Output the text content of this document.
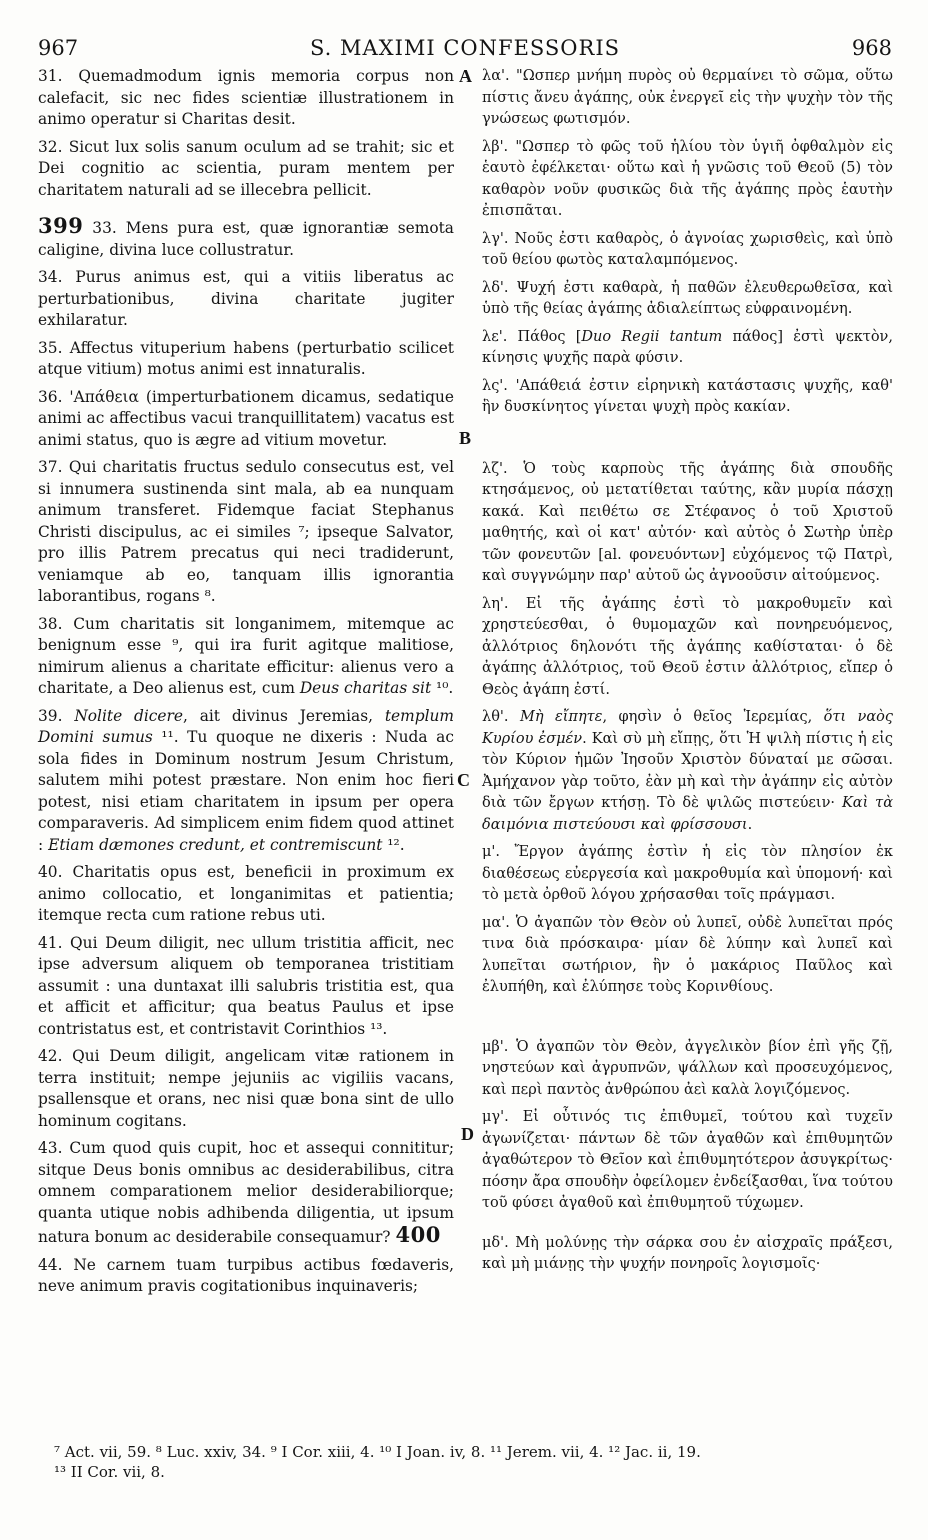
967	S. MAXIMI CONFESSORIS	968
A
B
C
D

31. Quemadmodum ignis memoria corpus non calefacit, sic nec fides scientiæ illustrationem in animo operatur si Charitas desit.

32. Sicut lux solis sanum oculum ad se trahit; sic et Dei cognitio ac scientia, puram mentem per charitatem naturali ad se illecebra pellicit.

399 33. Mens pura est, quæ ignorantiæ semota caligine, divina luce collustratur.

34. Purus animus est, qui a vitiis liberatus ac perturbationibus, divina charitate jugiter exhilaratur.

35. Affectus vituperium habens (perturbatio scilicet atque vitium) motus animi est innaturalis.

36. 'Απάθεια (imperturbationem dicamus, sedatique animi ac affectibus vacui tranquillitatem) vacatus est animi status, quo is ægre ad vitium movetur.

37. Qui charitatis fructus sedulo consecutus est, vel si innumera sustinenda sint mala, ab ea nunquam animum transferet. Fidemque faciat Stephanus Christi discipulus, ac ei similes ⁷; ipseque Salvator, pro illis Patrem precatus qui neci tradiderunt, veniamque ab eo, tanquam illis ignorantia laborantibus, rogans ⁸.

38. Cum charitatis sit longanimem, mitemque ac benignum esse ⁹, qui ira furit agitque malitiose, nimirum alienus a charitate efficitur: alienus vero a charitate, a Deo alienus est, cum Deus charitas sit ¹⁰.

39. Nolite dicere, ait divinus Jeremias, templum Domini sumus ¹¹. Tu quoque ne dixeris : Nuda ac sola fides in Dominum nostrum Jesum Christum, salutem mihi potest præstare. Non enim hoc fieri potest, nisi etiam charitatem in ipsum per opera comparaveris. Ad simplicem enim fidem quod attinet : Etiam dæmones credunt, et contremiscunt ¹².

40. Charitatis opus est, beneficii in proximum ex animo collocatio, et longanimitas et patientia; itemque recta cum ratione rebus uti.

41. Qui Deum diligit, nec ullum tristitia afficit, nec ipse adversum aliquem ob temporanea tristitiam assumit : una duntaxat illi salubris tristitia est, qua et afficit et afficitur; qua beatus Paulus et ipse contristatus est, et contristavit Corinthios ¹³.

42. Qui Deum diligit, angelicam vitæ rationem in terra instituit; nempe jejuniis ac vigiliis vacans, psallensque et orans, nec nisi quæ bona sint de ullo hominum cogitans.

43. Cum quod quis cupit, hoc et assequi connititur; sitque Deus bonis omnibus ac desiderabilibus, citra omnem comparationem melior desiderabiliorque; quanta utique nobis adhibenda diligentia, ut ipsum natura bonum ac desiderabile consequamur? 400

44. Ne carnem tuam turpibus actibus fœdaveris, neve animum pravis cogitationibus inquinaveris;

λα'. "Ωσπερ μνήμη πυρὸς οὐ θερμαίνει τὸ σῶμα, οὕτω πίστις ἄνευ ἀγάπης, οὐκ ἐνεργεῖ εἰς τὴν ψυχὴν τὸν τῆς γνώσεως φωτισμόν.

λβ'. "Ωσπερ τὸ φῶς τοῦ ἡλίου τὸν ὑγιῆ ὀφθαλμὸν εἰς ἑαυτὸ ἐφέλκεται· οὕτω καὶ ἡ γνῶσις τοῦ Θεοῦ (5) τὸν καθαρὸν νοῦν φυσικῶς διὰ τῆς ἀγάπης πρὸς ἑαυτὴν ἐπισπᾶται.

λγ'. Νοῦς ἐστι καθαρὸς, ὁ ἀγνοίας χωρισθεὶς, καὶ ὑπὸ τοῦ θείου φωτὸς καταλαμπόμενος.

λδ'. Ψυχή ἐστι καθαρὰ, ἡ παθῶν ἐλευθερωθεῖσα, καὶ ὑπὸ τῆς θείας ἀγάπης ἀδιαλείπτως εὐφραινομένη.

λε'. Πάθος [Duo Regii tantum πάθος] ἐστὶ ψεκτὸν, κίνησις ψυχῆς παρὰ φύσιν.

λς'. 'Απάθειά ἐστιν εἰρηνικὴ κατάστασις ψυχῆς, καθ' ἣν δυσκίνητος γίνεται ψυχὴ πρὸς κακίαν.

λζ'. Ὁ τοὺς καρποὺς τῆς ἀγάπης διὰ σπουδῆς κτησάμενος, οὐ μετατίθεται ταύτης, κἂν μυρία πάσχῃ κακά. Καὶ πειθέτω σε Στέφανος ὁ τοῦ Χριστοῦ μαθητής, καὶ οἱ κατ' αὐτόν· καὶ αὐτὸς ὁ Σωτὴρ ὑπὲρ τῶν φονευτῶν [al. φονευόντων] εὐχόμενος τῷ Πατρὶ, καὶ συγγνώμην παρ' αὐτοῦ ὡς ἀγνοοῦσιν αἰτούμενος.

λη'. Εἰ τῆς ἀγάπης ἐστὶ τὸ μακροθυμεῖν καὶ χρηστεύεσθαι, ὁ θυμομαχῶν καὶ πονηρευόμενος, ἀλλότριος δηλονότι τῆς ἀγάπης καθίσταται· ὁ δὲ ἀγάπης ἀλλότριος, τοῦ Θεοῦ ἐστιν ἀλλότριος, εἴπερ ὁ Θεὸς ἀγάπη ἐστί.

λθ'. Μὴ εἴπητε, φησὶν ὁ θεῖος Ἱερεμίας, ὅτι ναὸς Κυρίου ἐσμέν. Καὶ σὺ μὴ εἴπῃς, ὅτι Ἡ ψιλὴ πίστις ἡ εἰς τὸν Κύριον ἡμῶν Ἰησοῦν Χριστὸν δύναταί με σῶσαι. Ἀμήχανον γὰρ τοῦτο, ἐὰν μὴ καὶ τὴν ἀγάπην εἰς αὐτὸν διὰ τῶν ἔργων κτήσῃ. Τὸ δὲ ψιλῶς πιστεύειν· Καὶ τὰ δαιμόνια πιστεύουσι καὶ φρίσσουσι.

μ'. Ἔργον ἀγάπης ἐστὶν ἡ εἰς τὸν πλησίον ἐκ διαθέσεως εὐεργεσία καὶ μακροθυμία καὶ ὑπομονή· καὶ τὸ μετὰ ὀρθοῦ λόγου χρήσασθαι τοῖς πράγμασι.

μα'. Ὁ ἀγαπῶν τὸν Θεὸν οὐ λυπεῖ, οὐδὲ λυπεῖται πρός τινα διὰ πρόσκαιρα· μίαν δὲ λύπην καὶ λυπεῖ καὶ λυπεῖται σωτήριον, ἣν ὁ μακάριος Παῦλος καὶ ἐλυπήθη, καὶ ἐλύπησε τοὺς Κορινθίους.

μβ'. Ὁ ἀγαπῶν τὸν Θεὸν, ἀγγελικὸν βίον ἐπὶ γῆς ζῇ, νηστεύων καὶ ἀγρυπνῶν, ψάλλων καὶ προσευχόμενος, καὶ περὶ παντὸς ἀνθρώπου ἀεὶ καλὰ λογιζόμενος.

μγ'. Εἰ οὗτινός τις ἐπιθυμεῖ, τούτου καὶ τυχεῖν ἀγωνίζεται· πάντων δὲ τῶν ἀγαθῶν καὶ ἐπιθυμητῶν ἀγαθώτερον τὸ Θεῖον καὶ ἐπιθυμητότερον ἀσυγκρίτως· πόσην ἄρα σπουδὴν ὀφείλομεν ἐνδείξασθαι, ἵνα τούτου τοῦ φύσει ἀγαθοῦ καὶ ἐπιθυμητοῦ τύχωμεν.

μδ'. Μὴ μολύνῃς τὴν σάρκα σου ἐν αἰσχραῖς πράξεσι, καὶ μὴ μιάνῃς τὴν ψυχήν πονηροῖς λογισμοῖς·

⁷ Act. vii, 59. ⁸ Luc. xxiv, 34. ⁹ I Cor. xiii, 4. ¹⁰ I Joan. iv, 8. ¹¹ Jerem. vii, 4. ¹² Jac. ii, 19.
¹³ II Cor. vii, 8.
